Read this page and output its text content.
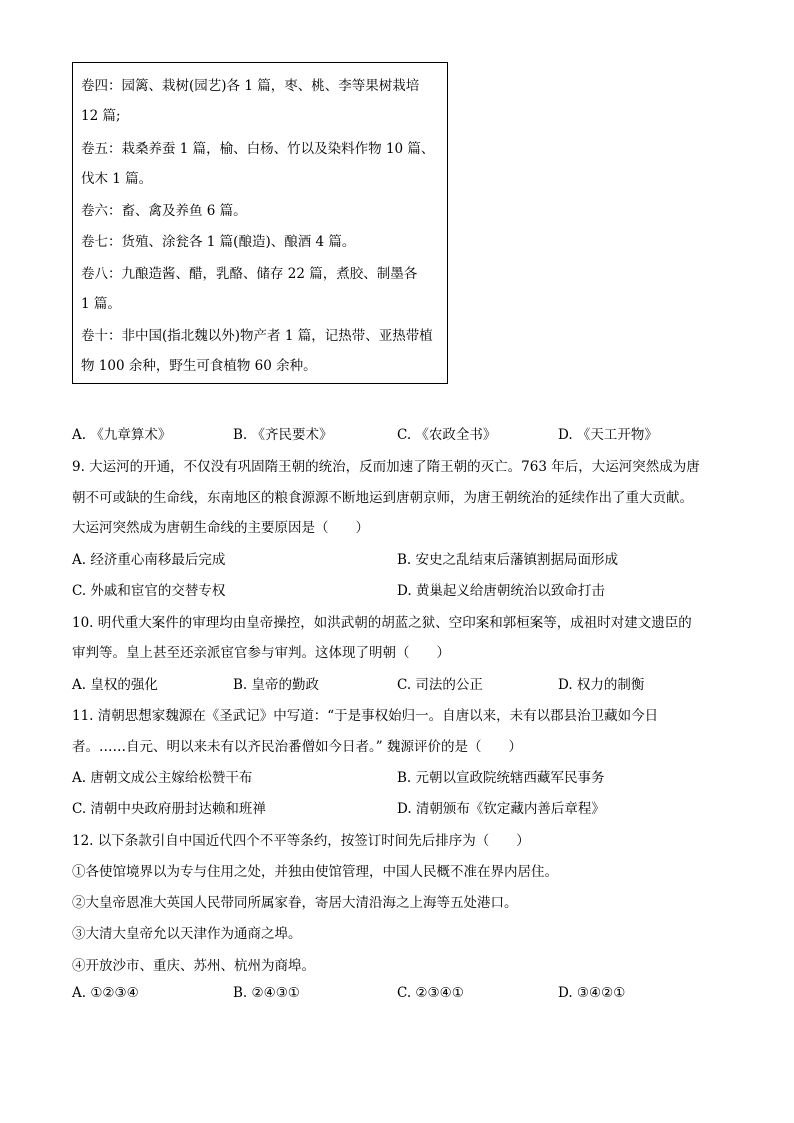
卷四：园篱、栽树(园艺)各 1 篇，枣、桃、李等果树栽培
12 篇;
卷五：栽桑养蚕 1 篇，榆、白杨、竹以及染料作物 10 篇、
伐木 1 篇。
卷六：畜、禽及养鱼 6 篇。
卷七：货殖、涂瓮各 1 篇(酿造)、酿酒 4 篇。
卷八：九酿造酱、醋，乳酪、储存 22 篇，煮胶、制墨各
1 篇。
卷十：非中国(指北魏以外)物产者 1 篇，记热带、亚热带植
物 100 余种，野生可食植物 60 余种。
A. 《九章算术》	B. 《齐民要术》	C. 《农政全书》	D. 《天工开物》
9. 大运河的开通，不仅没有巩固隋王朝的统治，反而加速了隋王朝的灭亡。763 年后，大运河突然成为唐
朝不可或缺的生命线，东南地区的粮食源源不断地运到唐朝京师，为唐王朝统治的延续作出了重大贡献。
大运河突然成为唐朝生命线的主要原因是（　　）
A. 经济重心南移最后完成	B. 安史之乱结束后藩镇割据局面形成
C. 外戚和宦官的交替专权	D. 黄巢起义给唐朝统治以致命打击
10. 明代重大案件的审理均由皇帝操控，如洪武朝的胡蓝之狱、空印案和郭桓案等，成祖时对建文遗臣的
审判等。皇上甚至还亲派宦官参与审判。这体现了明朝（　　）
A. 皇权的强化	B. 皇帝的勤政	C. 司法的公正	D. 权力的制衡
11. 清朝思想家魏源在《圣武记》中写道：“于是事权始归一。自唐以来，未有以郡县治卫藏如今日
者。……自元、明以来未有以齐民治番僧如今日者。” 魏源评价的是（　　）
A. 唐朝文成公主嫁给松赞干布	B. 元朝以宣政院统辖西藏军民事务
C. 清朝中央政府册封达赖和班禅	D. 清朝颁布《钦定藏内善后章程》
12. 以下条款引自中国近代四个不平等条约，按签订时间先后排序为（　　）
①各使馆境界以为专与住用之处，并独由使馆管理，中国人民概不准在界内居住。
②大皇帝恩准大英国人民带同所属家眷，寄居大清沿海之上海等五处港口。
③大清大皇帝允以天津作为通商之埠。
④开放沙市、重庆、苏州、杭州为商埠。
A. ①②③④	B. ②④③①	C. ②③④①	D. ③④②①
